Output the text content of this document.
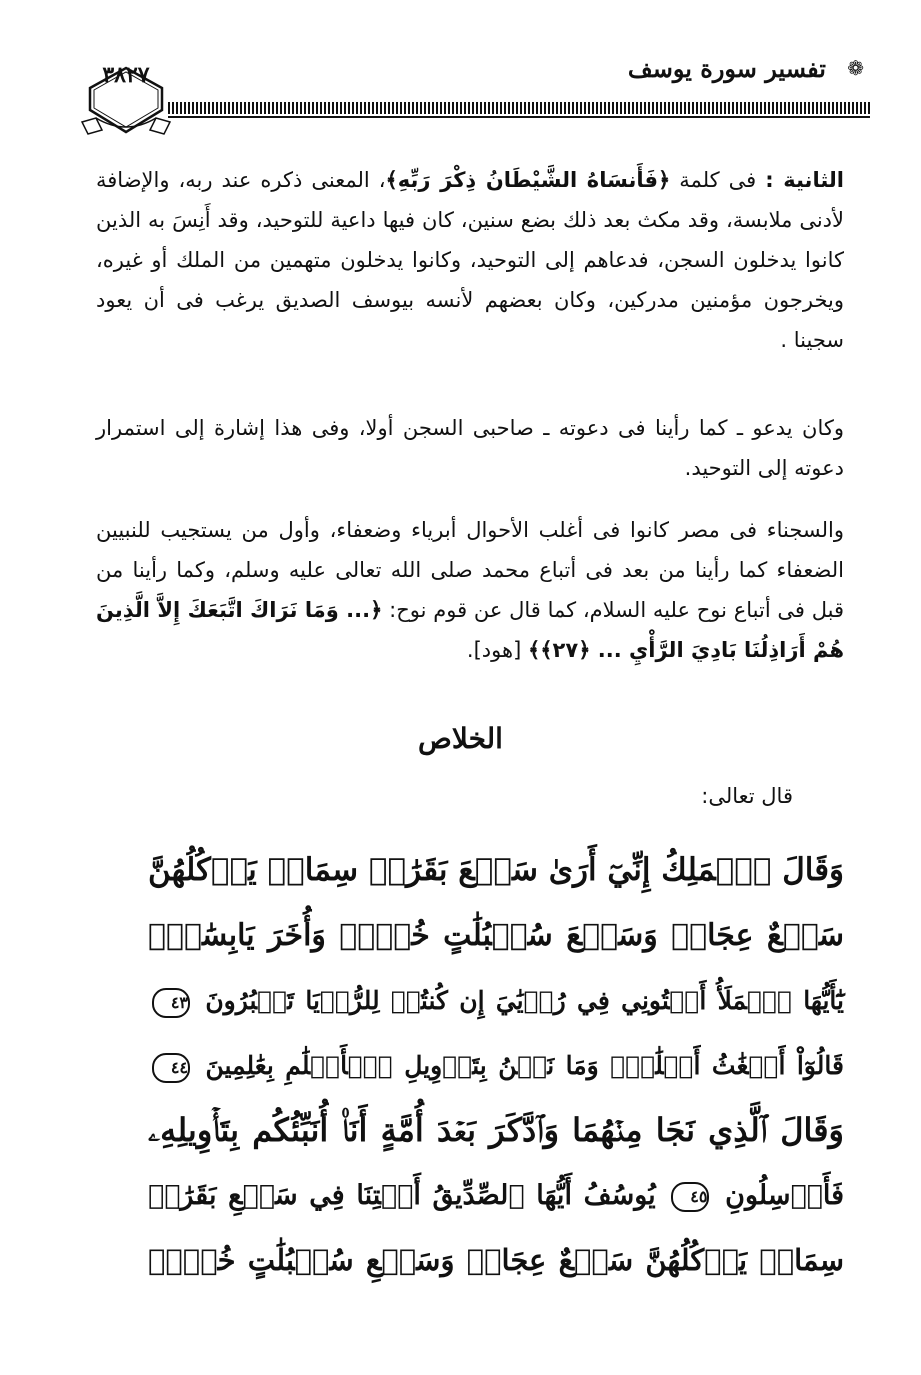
❁
تفسير سورة يوسف
٣٨٢٧
الثانية : فى كلمة ﴿فَأَنسَاهُ الشَّيْطَانُ ذِكْرَ رَبِّهِ﴾، المعنى ذكره عند ربه، والإضافة لأدنى ملابسة، وقد مكث بعد ذلك بضع سنين، كان فيها داعية للتوحيد، وقد أَنِسَ به الذين كانوا يدخلون السجن، فدعاهم إلى التوحيد، وكانوا يدخلون متهمين من الملك أو غيره، ويخرجون مؤمنين مدركين، وكان بعضهم لأنسه بيوسف الصديق يرغب فى أن يعود سجينا .
وكان يدعو ـ كما رأينا فى دعوته ـ صاحبى السجن أولا، وفى هذا إشارة إلى استمرار دعوته إلى التوحيد.
والسجناء فى مصر كانوا فى أغلب الأحوال أبرياء وضعفاء، وأول من يستجيب للنبيين الضعفاء كما رأينا من بعد فى أتباع محمد صلى الله تعالى عليه وسلم، وكما رأينا من قبل فى أتباع نوح عليه السلام، كما قال عن قوم نوح: ﴿... وَمَا نَرَاكَ اتَّبَعَكَ إِلاَّ الَّذِينَ هُمْ أَرَاذِلُنَا بَادِيَ الرَّأْيِ ... ﴿٢٧﴾﴾ [هود].
الخلاص
قال تعالى:
وَقَالَ ٱلۡمَلِكُ إِنِّيٓ أَرَىٰ سَبۡعَ بَقَرَٰتٖ سِمَانٖ يَأۡكُلُهُنَّ
سَبۡعٌ عِجَافٞ وَسَبۡعَ سُنۢبُلَٰتٍ خُضۡرٖ وَأُخَرَ يَابِسَٰتٖۖ
يَٰٓأَيُّهَا ٱلۡمَلَأُ أَفۡتُونِي فِي رُءۡيَٰيَ إِن كُنتُمۡ لِلرُّءۡيَا تَعۡبُرُونَ ٤٣
قَالُوٓاْ أَضۡغَٰثُ أَحۡلَٰمٖۖ وَمَا نَحۡنُ بِتَأۡوِيلِ ٱلۡأَحۡلَٰمِ بِعَٰلِمِينَ ٤٤
وَقَالَ ٱلَّذِي نَجَا مِنۡهُمَا وَٱدَّكَرَ بَعۡدَ أُمَّةٍ أَنَا۠ أُنَبِّئُكُم بِتَأۡوِيلِهِۦ
فَأَرۡسِلُونِ ٤٥ يُوسُفُ أَيُّهَا ٱلصِّدِّيقُ أَفۡتِنَا فِي سَبۡعِ بَقَرَٰتٖ
سِمَانٖ يَأۡكُلُهُنَّ سَبۡعٌ عِجَافٞ وَسَبۡعِ سُنۢبُلَٰتٍ خُضۡرٖ
